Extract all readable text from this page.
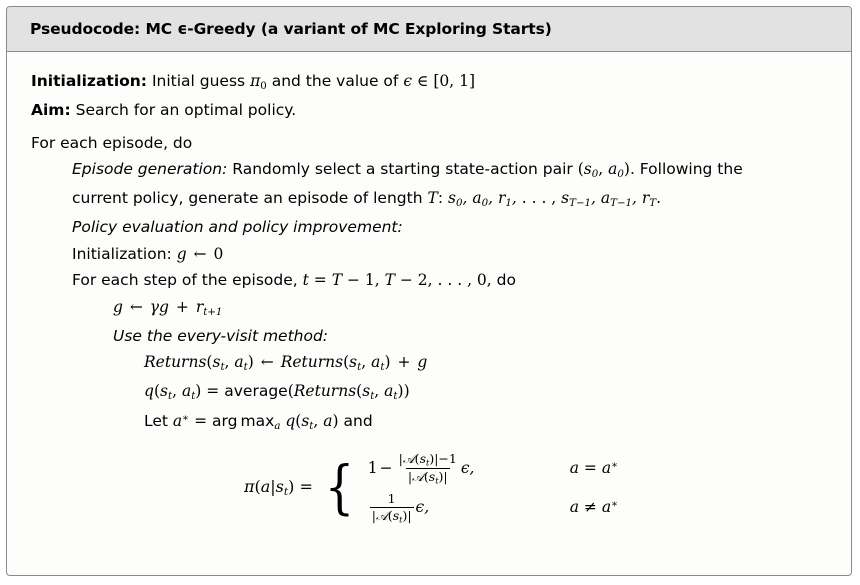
Pseudocode: MC ϵ-Greedy (a variant of MC Exploring Starts)
Initialization: Initial guess $\pi_0$ and the value of ϵ ∈ [0, 1]
Aim: Search for an optimal policy.
For each episode, do
Episode generation: Randomly select a starting state-action pair ($s_0$, $a_0$). Following the
current policy, generate an episode of length T: $s_0$, $a_0$, $r_1$, . . . , $s_{T-1}$, $a_{T-1}$, $r_T$.
Policy evaluation and policy improvement:
Initialization: g ← 0
For each step of the episode, t = T − 1, T − 2, . . . , 0, do
g ← $\gamma g + r_{t+1}$
Use the every-visit method:
$Returns(s_t$, $a_t$) ← $Returns(s_t$, $a_t) + g$
$q(s_t$, $a_t$) = $average(Returns(s_t$, $a_t$))
Let a∗ = arg $\max_a q(s_t$, a) and
$\pi(a|s_t)$ = { $1 - \frac{|𝒜(s_t)|-1}{|𝒜(s_t)|} \epsilon$,	a = a∗
$\frac{1}{|𝒜(s_t)|} \epsilon$,	a ≠ a∗
